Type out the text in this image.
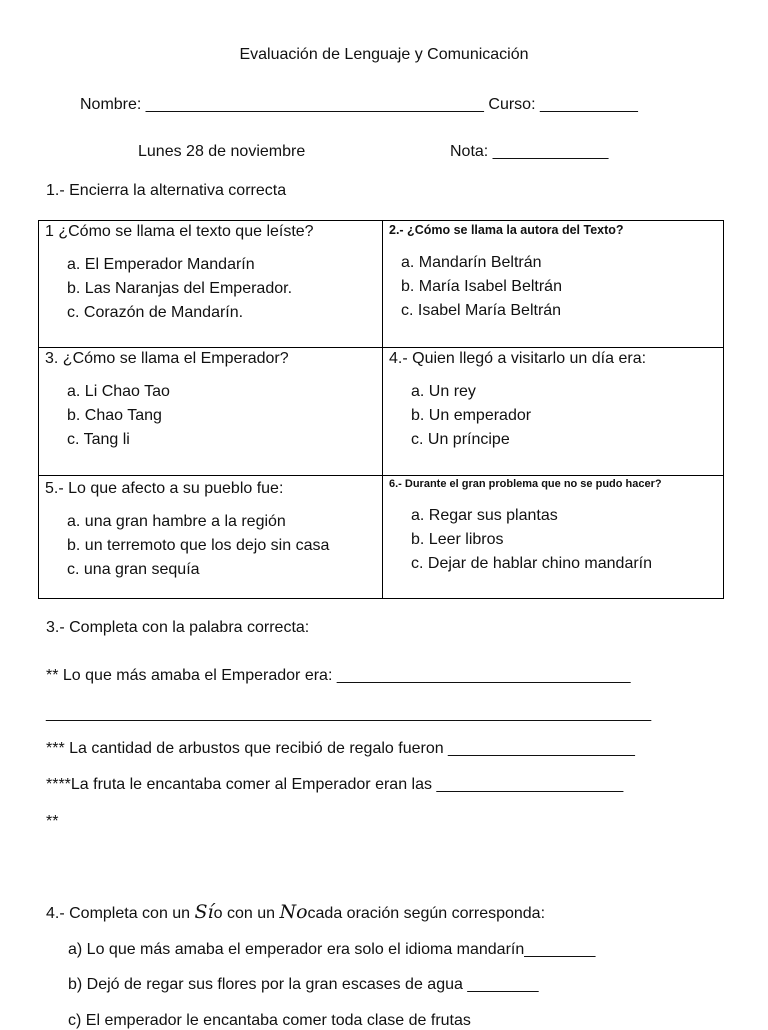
Evaluación de Lenguaje y Comunicación
Nombre: ______________________________________ Curso: ___________
Lunes 28 de noviembre	Nota: _____________
1.- Encierra la alternativa correcta
1 ¿Cómo se llama el texto que leíste?
a. El Emperador Mandarín
b. Las Naranjas del Emperador.
c. Corazón de Mandarín.
2.- ¿Cómo se llama la autora del Texto?
a. Mandarín Beltrán
b. María Isabel Beltrán
c. Isabel María Beltrán
3. ¿Cómo se llama el Emperador?
a. Li Chao Tao
b. Chao Tang
c. Tang li
4.- Quien llegó a visitarlo un día era:
a. Un rey
b. Un emperador
c. Un príncipe
5.- Lo que afecto a su pueblo fue:
a. una gran hambre a la región
b. un terremoto que los dejo sin casa
c. una gran sequía
6.- Durante el gran problema que no se pudo hacer?
a. Regar sus plantas
b. Leer libros
c. Dejar de hablar chino mandarín
3.- Completa con la palabra correcta:
** Lo que más amaba el Emperador era: _________________________________
____________________________________________________________________
*** La cantidad de arbustos que recibió de regalo fueron _____________________
****La fruta le encantaba comer al Emperador eran las _____________________
**
4.- Completa con un Sío con un Nocada oración según corresponda:
a) Lo que más amaba el emperador era solo el idioma mandarín________
b) Dejó de regar sus flores por la gran escases de agua ________
c) El emperador le encantaba comer toda clase de frutas
